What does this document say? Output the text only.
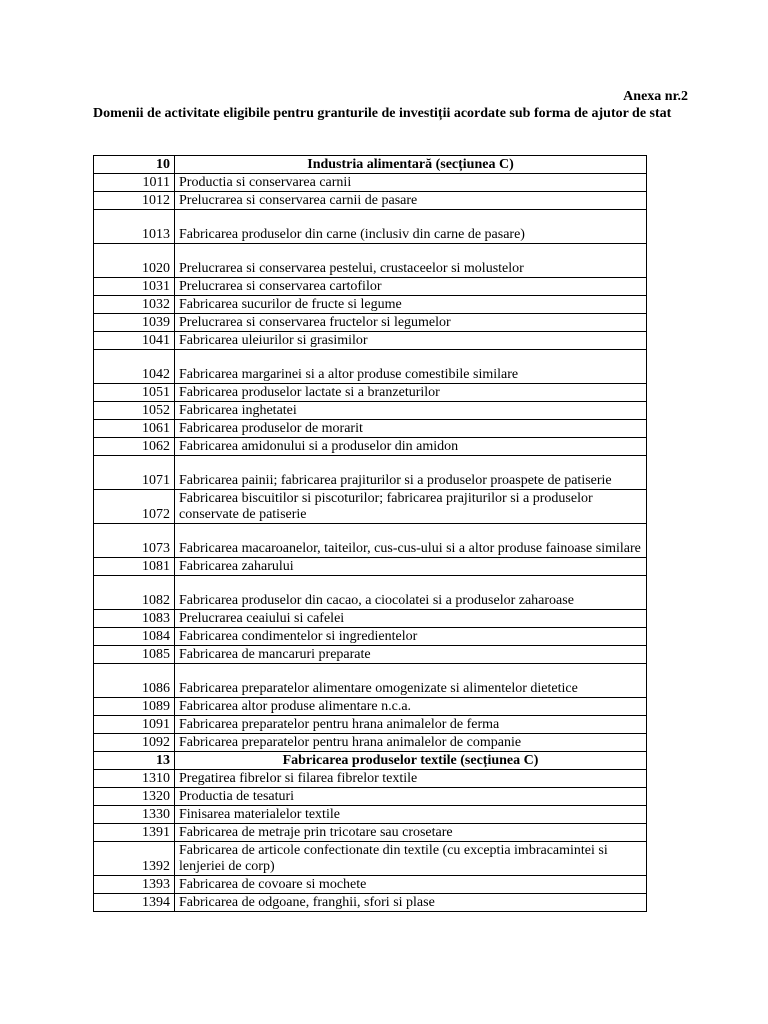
Anexa nr.2
Domenii de activitate eligibile pentru granturile de investiții acordate sub forma de ajutor de stat
10	Industria alimentară (secțiunea C)
1011	Productia si conservarea carnii
1012	Prelucrarea si conservarea carnii de pasare
1013	Fabricarea produselor din carne (inclusiv din carne de pasare)
1020	Prelucrarea si conservarea pestelui, crustaceelor si molustelor
1031	Prelucrarea si conservarea cartofilor
1032	Fabricarea sucurilor de fructe si legume
1039	Prelucrarea si conservarea fructelor si legumelor
1041	Fabricarea uleiurilor si grasimilor
1042	Fabricarea margarinei si a altor produse comestibile similare
1051	Fabricarea produselor lactate si a branzeturilor
1052	Fabricarea inghetatei
1061	Fabricarea produselor de morarit
1062	Fabricarea amidonului si a produselor din amidon
1071	Fabricarea painii; fabricarea prajiturilor si a produselor proaspete de patiserie
1072	Fabricarea biscuitilor si piscoturilor; fabricarea prajiturilor si a produselor conservate de patiserie
1073	Fabricarea macaroanelor, taiteilor, cus-cus-ului si a altor produse fainoase similare
1081	Fabricarea zaharului
1082	Fabricarea produselor din cacao, a ciocolatei si a produselor zaharoase
1083	Prelucrarea ceaiului si cafelei
1084	Fabricarea condimentelor si ingredientelor
1085	Fabricarea de mancaruri preparate
1086	Fabricarea preparatelor alimentare omogenizate si alimentelor dietetice
1089	Fabricarea altor produse alimentare n.c.a.
1091	Fabricarea preparatelor pentru hrana animalelor de ferma
1092	Fabricarea preparatelor pentru hrana animalelor de companie
13	Fabricarea produselor textile (secțiunea C)
1310	Pregatirea fibrelor si filarea fibrelor textile
1320	Productia de tesaturi
1330	Finisarea materialelor textile
1391	Fabricarea de metraje prin tricotare sau crosetare
1392	Fabricarea de articole confectionate din textile (cu exceptia imbracamintei si lenjeriei de corp)
1393	Fabricarea de covoare si mochete
1394	Fabricarea de odgoane, franghii, sfori si plase
